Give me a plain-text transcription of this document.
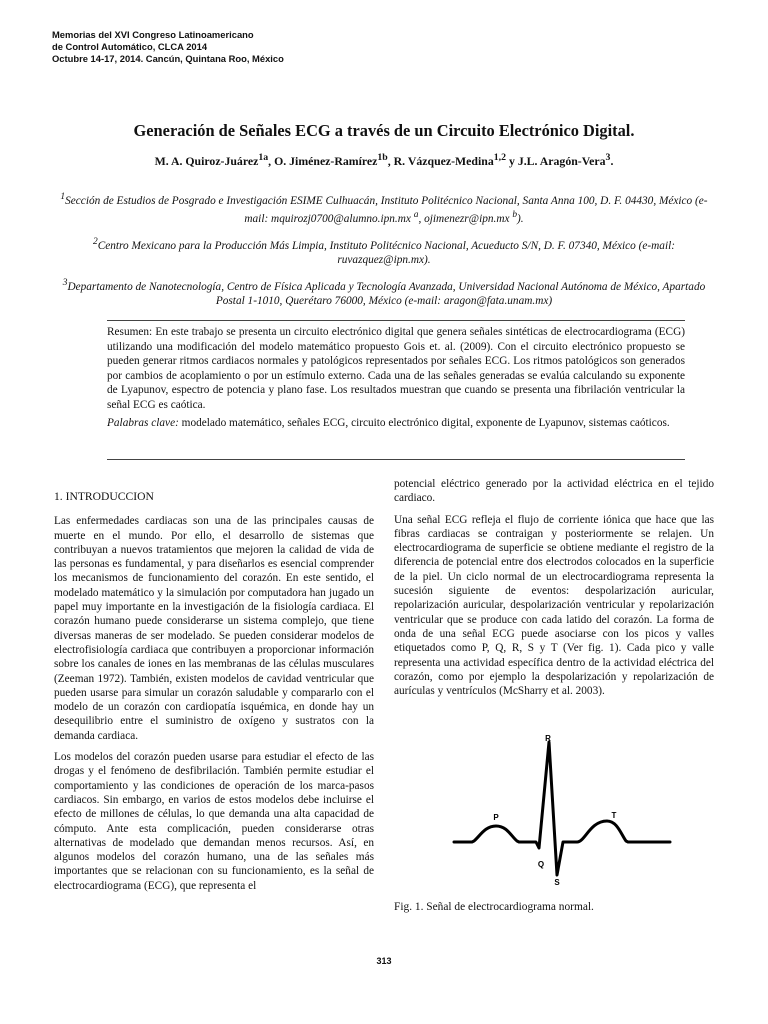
Memorias del XVI Congreso Latinoamericano
de Control Automático, CLCA 2014
Octubre 14-17, 2014. Cancún, Quintana Roo, México
Generación de Señales ECG a través de un Circuito Electrónico Digital.
M. A. Quiroz-Juárez$^{1a}$, O. Jiménez-Ramírez$^{1b}$, R. Vázquez-Medina$^{1,2}$ y J.L. Aragón-Vera$^3$.
$^1$Sección de Estudios de Posgrado e Investigación ESIME Culhuacán, Instituto Politécnico Nacional, Santa Anna 100, D. F. 04430, México (e-mail: mquirozj0700@alumno.ipn.mx $^a$, ojimenezr@ipn.mx $^b$).
$^2$Centro Mexicano para la Producción Más Limpia, Instituto Politécnico Nacional, Acueducto S/N, D. F. 07340, México (e-mail: ruvazquez@ipn.mx).
$^3$Departamento de Nanotecnología, Centro de Física Aplicada y Tecnología Avanzada, Universidad Nacional Autónoma de México, Apartado Postal 1-1010, Querétaro 76000, México (e-mail: aragon@fata.unam.mx)

Resumen: En este trabajo se presenta un circuito electrónico digital que genera señales sintéticas de electrocardiograma (ECG) utilizando una modificación del modelo matemático propuesto Gois et. al. (2009). Con el circuito electrónico propuesto se pueden generar ritmos cardiacos normales y patológicos representados por señales ECG. Los ritmos patológicos son generados por cambios de acoplamiento o por un estímulo externo. Cada una de las señales generadas se evalúa calculando su exponente de Lyapunov, espectro de potencia y plano fase. Los resultados muestran que cuando se presenta una fibrilación ventricular la señal ECG es caótica.

Palabras clave: modelado matemático, señales ECG, circuito electrónico digital, exponente de Lyapunov, sistemas caóticos.

1. INTRODUCCION

Las enfermedades cardiacas son una de las principales causas de muerte en el mundo. Por ello, el desarrollo de sistemas que contribuyan a nuevos tratamientos que mejoren la calidad de vida de las personas es fundamental, y para diseñarlos es esencial comprender los mecanismos de funcionamiento del corazón. En este sentido, el modelado matemático y la simulación por computadora han jugado un papel muy importante en la investigación de la fisiología cardiaca. El corazón humano puede considerarse un sistema complejo, que tiene diversas maneras de ser modelado. Se pueden considerar modelos de electrofisiología cardiaca que contribuyen a proporcionar información sobre los canales de iones en las membranas de las células musculares (Zeeman 1972). También, existen modelos de cavidad ventricular que pueden usarse para simular un corazón saludable y compararlo con el modelo de un corazón con cardiopatía isquémica, en donde hay un desequilibrio entre el suministro de oxígeno y sustratos con la demanda cardiaca.

Los modelos del corazón pueden usarse para estudiar el efecto de las drogas y el fenómeno de desfibrilación. También permite estudiar el comportamiento y las condiciones de operación de los marca-pasos cardiacos. Sin embargo, en varios de estos modelos debe incluirse el efecto de millones de células, lo que demanda una alta capacidad de cómputo. Ante esta complicación, pueden considerarse otras alternativas de modelado que demandan menos recursos. Así, en algunos modelos del corazón humano, una de las señales más importantes que se relacionan con su funcionamiento, es la señal de electrocardiograma (ECG), que representa el

potencial eléctrico generado por la actividad eléctrica en el tejido cardiaco.

Una señal ECG refleja el flujo de corriente iónica que hace que las fibras cardiacas se contraigan y posteriormente se relajen. Un electrocardiograma de superficie se obtiene mediante el registro de la diferencia de potencial entre dos electrodos colocados en la superficie de la piel. Un ciclo normal de un electrocardiograma representa la sucesión siguiente de eventos: despolarización auricular, repolarización auricular, despolarización ventricular y repolarización ventricular que se produce con cada latido del corazón. La forma de onda de una señal ECG puede asociarse con los picos y valles etiquetados como P, Q, R, S y T (Ver fig. 1). Cada pico y valle representa una actividad específica dentro de la actividad eléctrica del corazón, como por ejemplo la despolarización y repolarización de aurículas y ventrículos (McSharry et al. 2003).

P
R
Q
S
T
Fig. 1. Señal de electrocardiograma normal.
313
